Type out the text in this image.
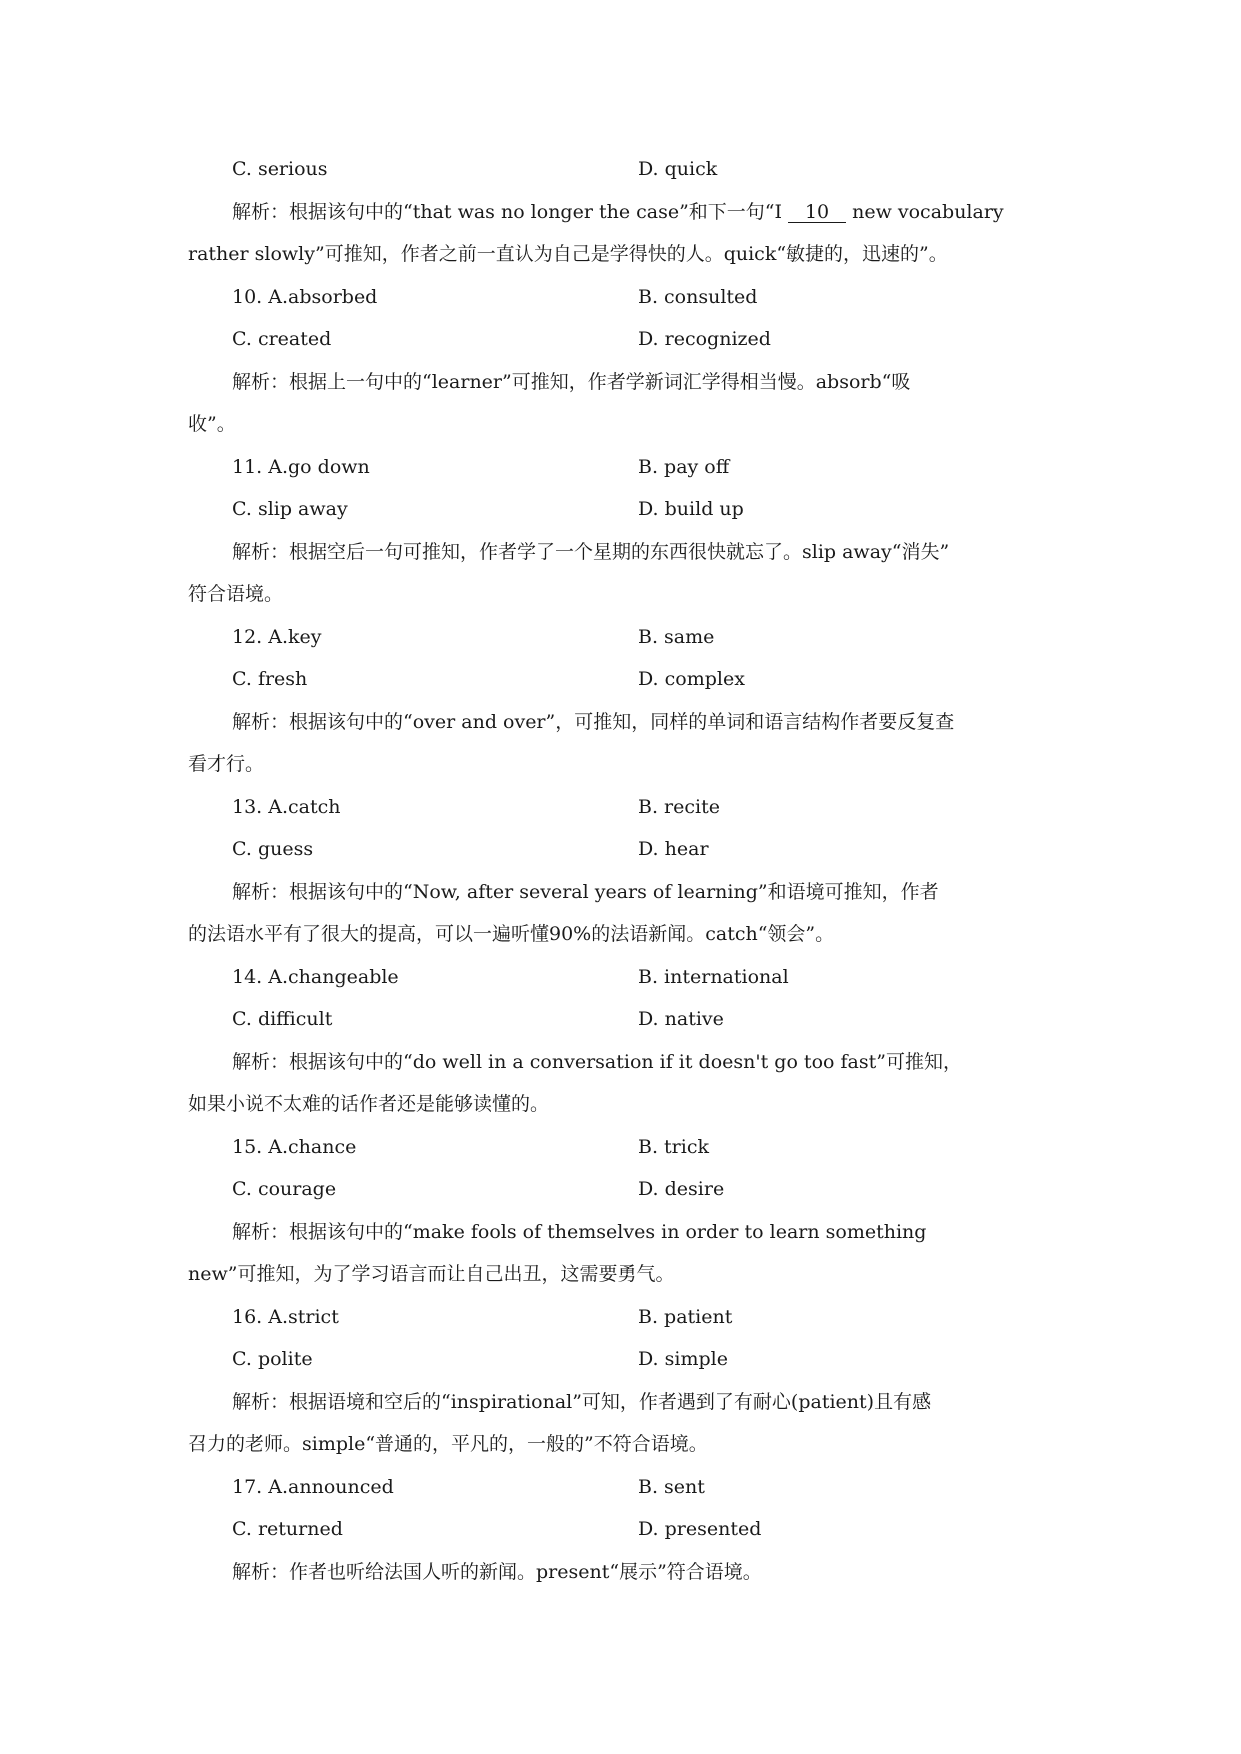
C. serious	D. quick
解析：根据该句中的“that was no longer the case”和下一句“I 10 new vocabulary
rather slowly”可推知，作者之前一直认为自己是学得快的人。quick“敏捷的，迅速的”。
10. A.absorbed	B. consulted
C. created	D. recognized
解析：根据上一句中的“learner”可推知，作者学新词汇学得相当慢。absorb“吸
收”。
11. A.go down	B. pay off
C. slip away	D. build up
解析：根据空后一句可推知，作者学了一个星期的东西很快就忘了。slip away“消失”
符合语境。
12. A.key	B. same
C. fresh	D. complex
解析：根据该句中的“over and over”，可推知，同样的单词和语言结构作者要反复查
看才行。
13. A.catch	B. recite
C. guess	D. hear
解析：根据该句中的“Now, after several years of learning”和语境可推知，作者
的法语水平有了很大的提高，可以一遍听懂90%的法语新闻。catch“领会”。
14. A.changeable	B. international
C. difficult	D. native
解析：根据该句中的“do well in a conversation if it doesn't go too fast”可推知，
如果小说不太难的话作者还是能够读懂的。
15. A.chance	B. trick
C. courage	D. desire
解析：根据该句中的“make fools of themselves in order to learn something
new”可推知，为了学习语言而让自己出丑，这需要勇气。
16. A.strict	B. patient
C. polite	D. simple
解析：根据语境和空后的“inspirational”可知，作者遇到了有耐心(patient)且有感
召力的老师。simple“普通的，平凡的，一般的”不符合语境。
17. A.announced	B. sent
C. returned	D. presented
解析：作者也听给法国人听的新闻。present“展示”符合语境。
